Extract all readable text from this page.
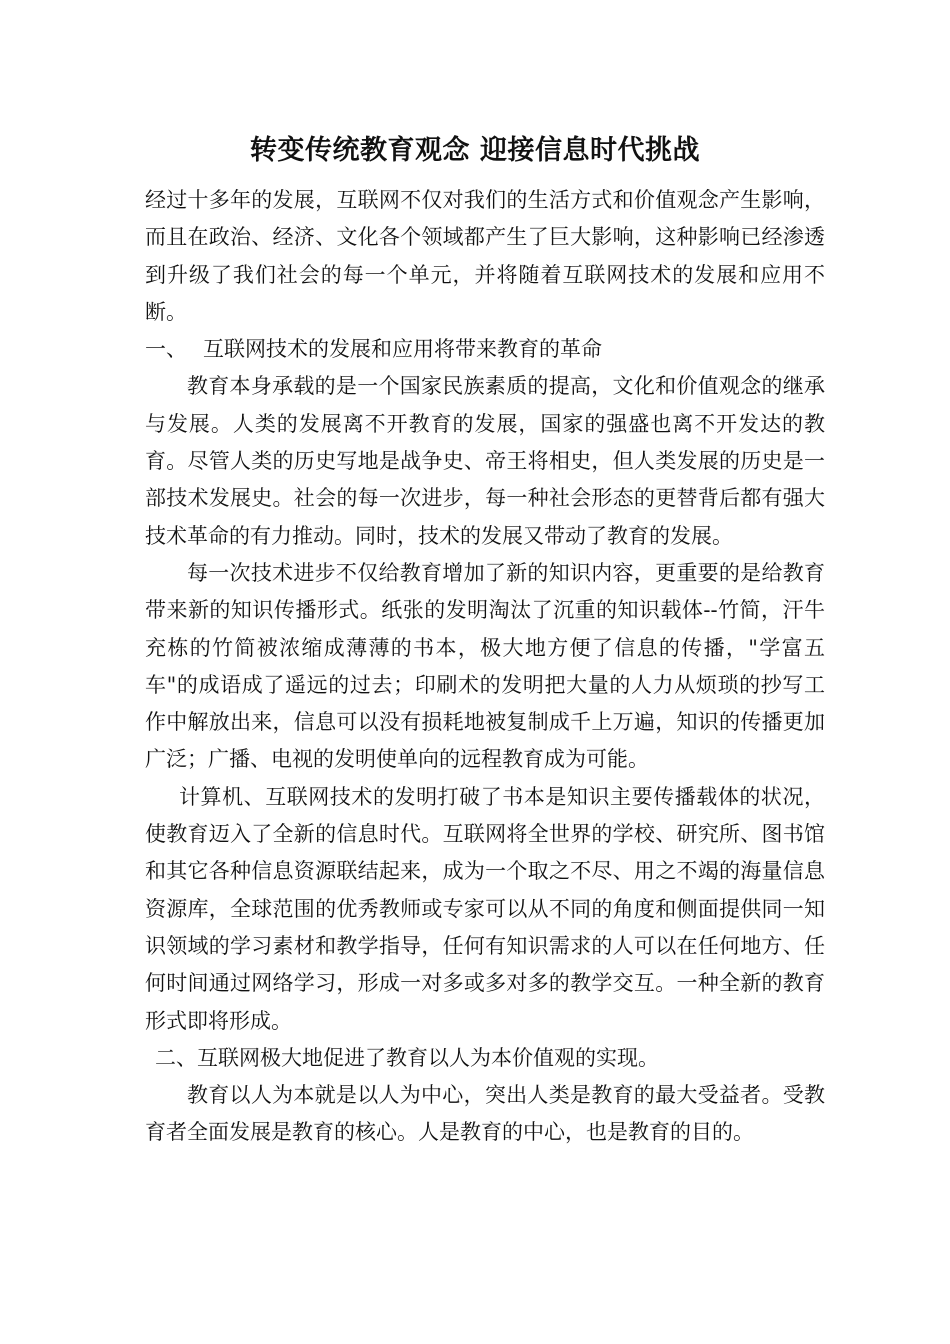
转变传统教育观念 迎接信息时代挑战

经过十多年的发展，互联网不仅对我们的生活方式和价值观念产生影响，而且在政治、经济、文化各个领域都产生了巨大影响，这种影响已经渗透到升级了我们社会的每一个单元，并将随着互联网技术的发展和应用不断。

一、 互联网技术的发展和应用将带来教育的革命

教育本身承载的是一个国家民族素质的提高，文化和价值观念的继承与发展。人类的发展离不开教育的发展，国家的强盛也离不开发达的教育。尽管人类的历史写地是战争史、帝王将相史，但人类发展的历史是一部技术发展史。社会的每一次进步，每一种社会形态的更替背后都有强大技术革命的有力推动。同时，技术的发展又带动了教育的发展。

每一次技术进步不仅给教育增加了新的知识内容，更重要的是给教育带来新的知识传播形式。纸张的发明淘汰了沉重的知识载体--竹简，汗牛充栋的竹简被浓缩成薄薄的书本，极大地方便了信息的传播，"学富五车"的成语成了遥远的过去；印刷术的发明把大量的人力从烦琐的抄写工作中解放出来，信息可以没有损耗地被复制成千上万遍，知识的传播更加广泛；广播、电视的发明使单向的远程教育成为可能。

计算机、互联网技术的发明打破了书本是知识主要传播载体的状况，使教育迈入了全新的信息时代。互联网将全世界的学校、研究所、图书馆和其它各种信息资源联结起来，成为一个取之不尽、用之不竭的海量信息资源库，全球范围的优秀教师或专家可以从不同的角度和侧面提供同一知识领域的学习素材和教学指导，任何有知识需求的人可以在任何地方、任何时间通过网络学习，形成一对多或多对多的教学交互。一种全新的教育形式即将形成。

二、互联网极大地促进了教育以人为本价值观的实现。

教育以人为本就是以人为中心，突出人类是教育的最大受益者。受教育者全面发展是教育的核心。人是教育的中心，也是教育的目的。
